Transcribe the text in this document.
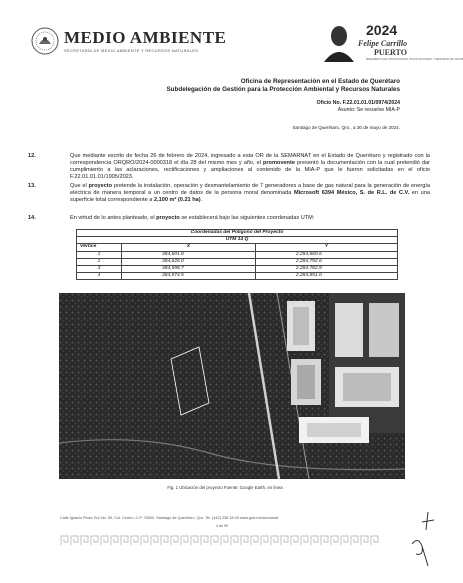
MEDIO AMBIENTE
SECRETARÍA DE MEDIO AMBIENTE Y RECURSOS NATURALES
2024
Felipe Carrillo
PUERTO
BENEMÉRITO DEL PROLETARIADO, REVOLUCIONARIO Y DEFENSOR DEL MAYAB
Oficina de Representación en el Estado de Querétaro
Subdelegación de Gestión para la Protección Ambiental y Recursos Naturales
Oficio No. F.22.01.01.01/0974/2024
Asunto: Se resuelve MIA-P
Santiago de Querétaro, Qro., a 30 de mayo de 2024.
12.	Que mediante escrito de fecha 26 de febrero de 2024, ingresado a esta OR de la SEMARNAT en el Estado de Querétaro y registrado con la correspondencia ORQRO/2024-0000318 el día 28 del mismo mes y año, el promovente presentó la documentación con la cual pretendió dar cumplimiento a las aclaraciones, rectificaciones y ampliaciones al contenido de la MIA-P que le fueron solicitadas en el oficio F.22.01.01.01/1905/2023.
13.	Que el proyecto pretende la instalación, operación y desmantelamiento de 7 generadores a base de gas natural para la generación de energía eléctrica de manera temporal a un centro de datos de la persona moral denominada Microsoft 6394 México, S. de R.L. de C.V. en una superficie total correspondiente a 2,100 m² (0.21 ha).
14.	En virtud de lo antes planteado, el proyecto se establecerá bajo las siguientes coordenadas UTM:
Coordenadas del Polígono del Proyecto		
UTM 14 Q		
Vértice	X	Y
1	384,601.8	2,284,860.6
2	384,626.0	2,284,792.6
3	384,598.7	2,284,782.9
4	384,574.5	2,284,851.0
Fig. 1 Ubicación del proyecto Fuente: Google Earth, en línea
Calle Ignacio Pérez Sur No. 50, Col. Centro, C.P. 76000, Santiago de Querétaro, Qro. Tel. (442) 238 34 00 www.gob.mx/semarnat
4 de 90
